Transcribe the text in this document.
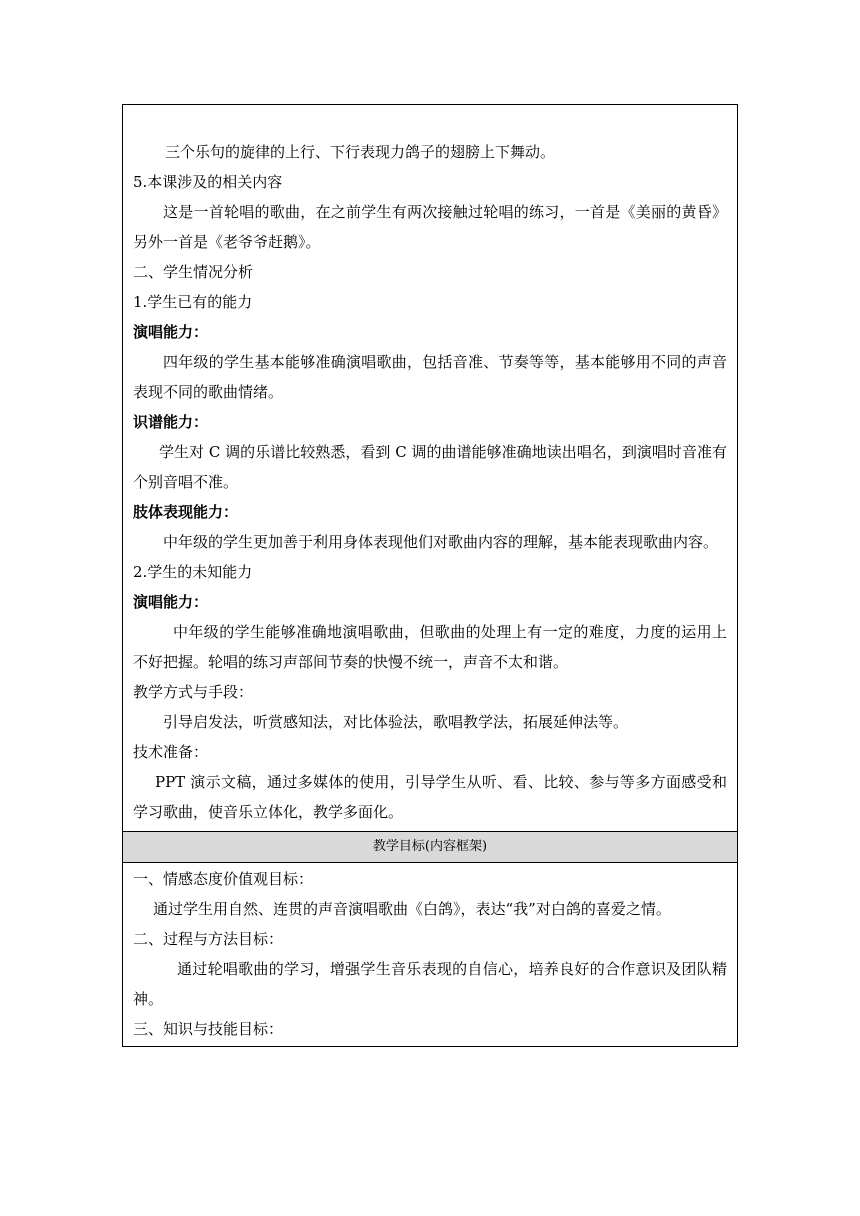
三个乐句的旋律的上行、下行表现力鸽子的翅膀上下舞动。
5.本课涉及的相关内容

这是一首轮唱的歌曲，在之前学生有两次接触过轮唱的练习，一首是《美丽的黄昏》另外一首是《老爷爷赶鹅》。

二、学生情况分析
1.学生已有的能力
演唱能力：

四年级的学生基本能够准确演唱歌曲，包括音准、节奏等等，基本能够用不同的声音表现不同的歌曲情绪。

识谱能力：

学生对 C 调的乐谱比较熟悉，看到 C 调的曲谱能够准确地读出唱名，到演唱时音准有个别音唱不准。

肢体表现能力：

中年级的学生更加善于利用身体表现他们对歌曲内容的理解，基本能表现歌曲内容。

2.学生的未知能力
演唱能力：

中年级的学生能够准确地演唱歌曲，但歌曲的处理上有一定的难度，力度的运用上不好把握。轮唱的练习声部间节奏的快慢不统一，声音不太和谐。

教学方式与手段：
引导启发法，听赏感知法，对比体验法，歌唱教学法，拓展延伸法等。
技术准备：

PPT 演示文稿，通过多媒体的使用，引导学生从听、看、比较、参与等多方面感受和学习歌曲，使音乐立体化，教学多面化。

教学目标(内容框架)
一、情感态度价值观目标：

通过学生用自然、连贯的声音演唱歌曲《白鸽》，表达“我”对白鸽的喜爱之情。

二、过程与方法目标：

通过轮唱歌曲的学习，增强学生音乐表现的自信心，培养良好的合作意识及团队精神。

三、知识与技能目标：
